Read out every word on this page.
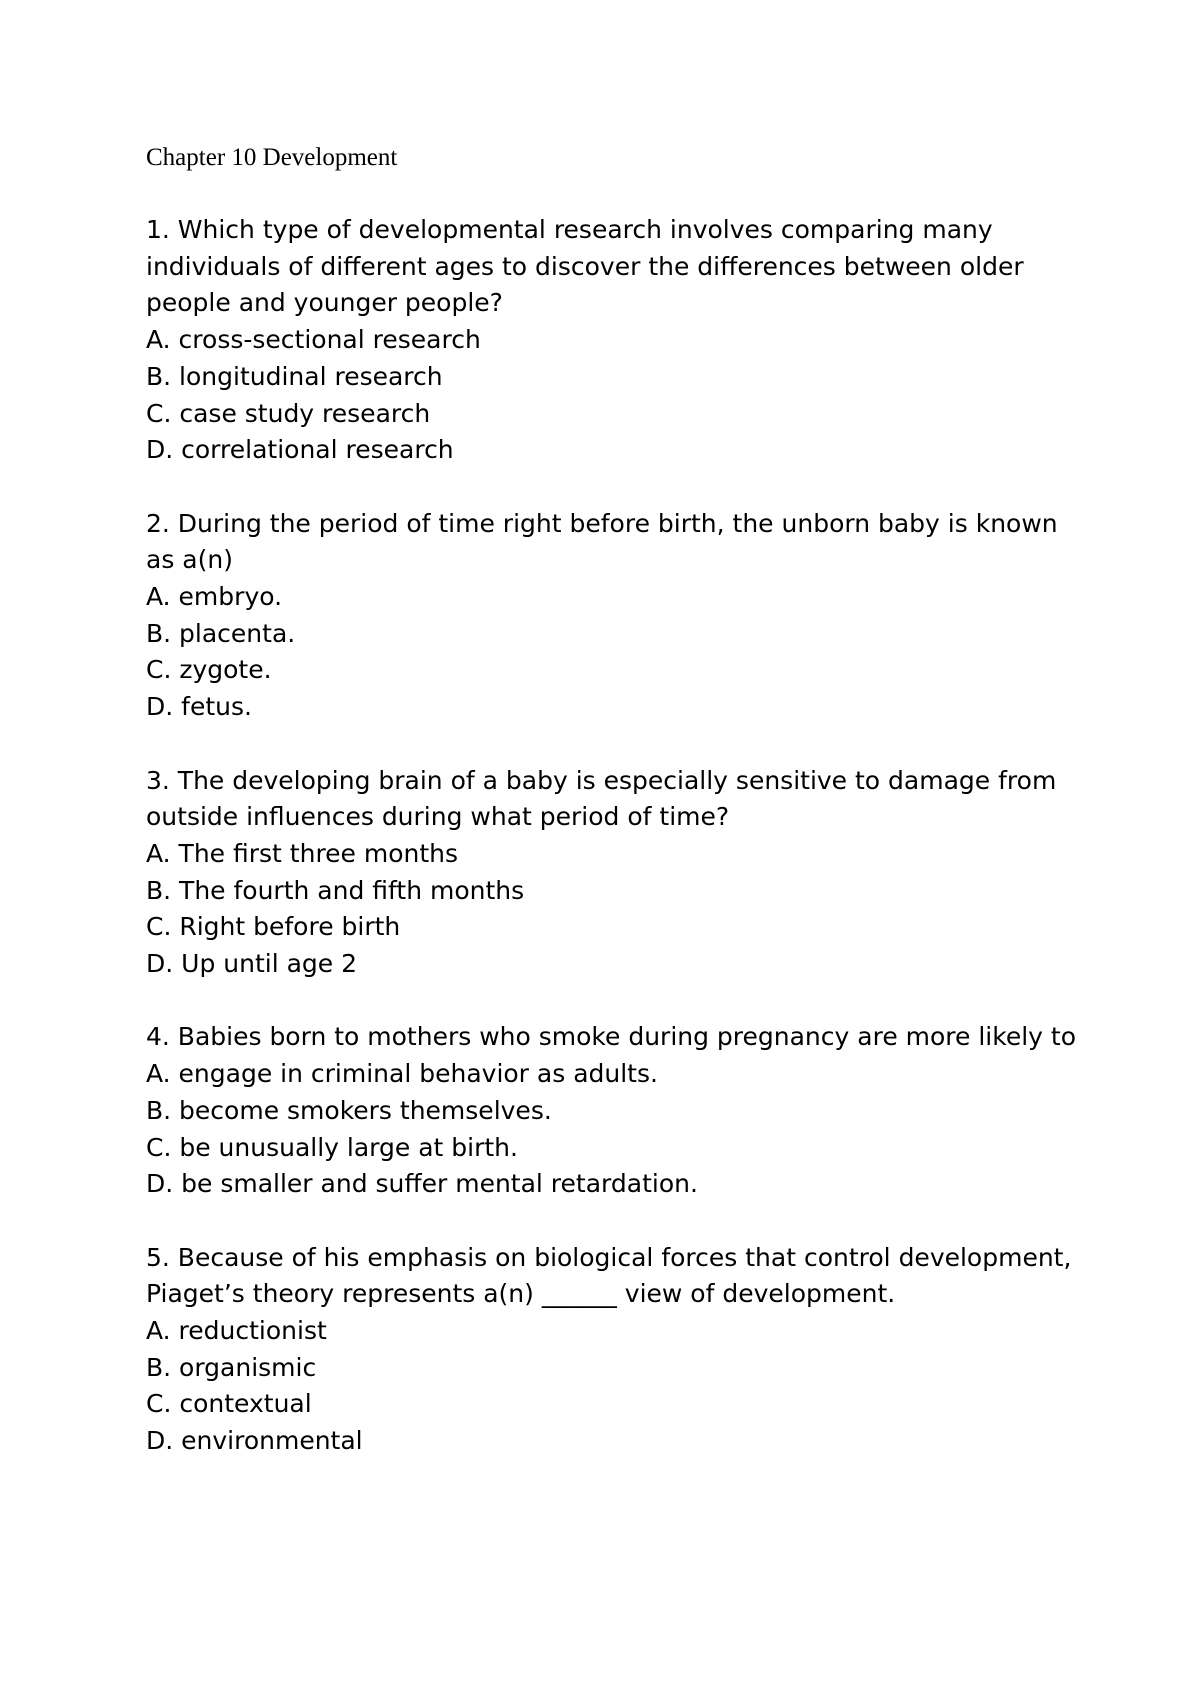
Chapter 10 Development

1. Which type of developmental research involves comparing many individuals of different ages to discover the differences between older people and younger people?

A. cross-sectional research

B. longitudinal research

C. case study research

D. correlational research

2. During the period of time right before birth, the unborn baby is known as a(n)

A. embryo.

B. placenta.

C. zygote.

D. fetus.

3. The developing brain of a baby is especially sensitive to damage from outside influences during what period of time?

A. The first three months

B. The fourth and fifth months

C. Right before birth

D. Up until age 2

4. Babies born to mothers who smoke during pregnancy are more likely to

A. engage in criminal behavior as adults.

B. become smokers themselves.

C. be unusually large at birth.

D. be smaller and suffer mental retardation.

5. Because of his emphasis on biological forces that control development, Piaget’s theory represents a(n) ______ view of development.

A. reductionist

B. organismic

C. contextual

D. environmental
